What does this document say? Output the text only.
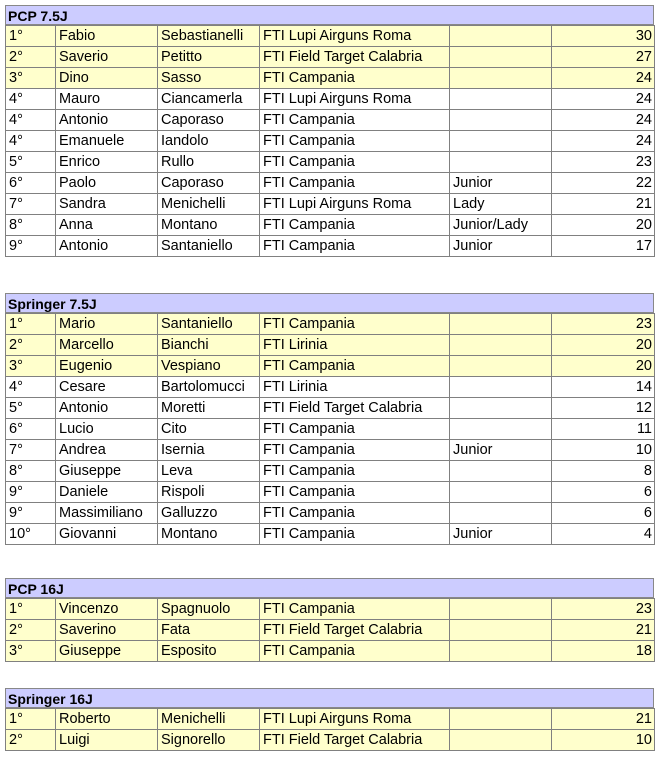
PCP 7.5J
1°	Fabio	Sebastianelli	FTI Lupi Airguns Roma		30
2°	Saverio	Petitto	FTI Field Target Calabria		27
3°	Dino	Sasso	FTI Campania		24
4°	Mauro	Ciancamerla	FTI Lupi Airguns Roma		24
4°	Antonio	Caporaso	FTI Campania		24
4°	Emanuele	Iandolo	FTI Campania		24
5°	Enrico	Rullo	FTI Campania		23
6°	Paolo	Caporaso	FTI Campania	Junior	22
7°	Sandra	Menichelli	FTI Lupi Airguns Roma	Lady	21
8°	Anna	Montano	FTI Campania	Junior/Lady	20
9°	Antonio	Santaniello	FTI Campania	Junior	17
Springer 7.5J
1°	Mario	Santaniello	FTI Campania		23
2°	Marcello	Bianchi	FTI Lirinia		20
3°	Eugenio	Vespiano	FTI Campania		20
4°	Cesare	Bartolomucci	FTI Lirinia		14
5°	Antonio	Moretti	FTI Field Target Calabria		12
6°	Lucio	Cito	FTI Campania		11
7°	Andrea	Isernia	FTI Campania	Junior	10
8°	Giuseppe	Leva	FTI Campania		8
9°	Daniele	Rispoli	FTI Campania		6
9°	Massimiliano	Galluzzo	FTI Campania		6
10°	Giovanni	Montano	FTI Campania	Junior	4
PCP 16J
1°	Vincenzo	Spagnuolo	FTI Campania		23
2°	Saverino	Fata	FTI Field Target Calabria		21
3°	Giuseppe	Esposito	FTI Campania		18
Springer 16J
1°	Roberto	Menichelli	FTI Lupi Airguns Roma		21
2°	Luigi	Signorello	FTI Field Target Calabria		10
